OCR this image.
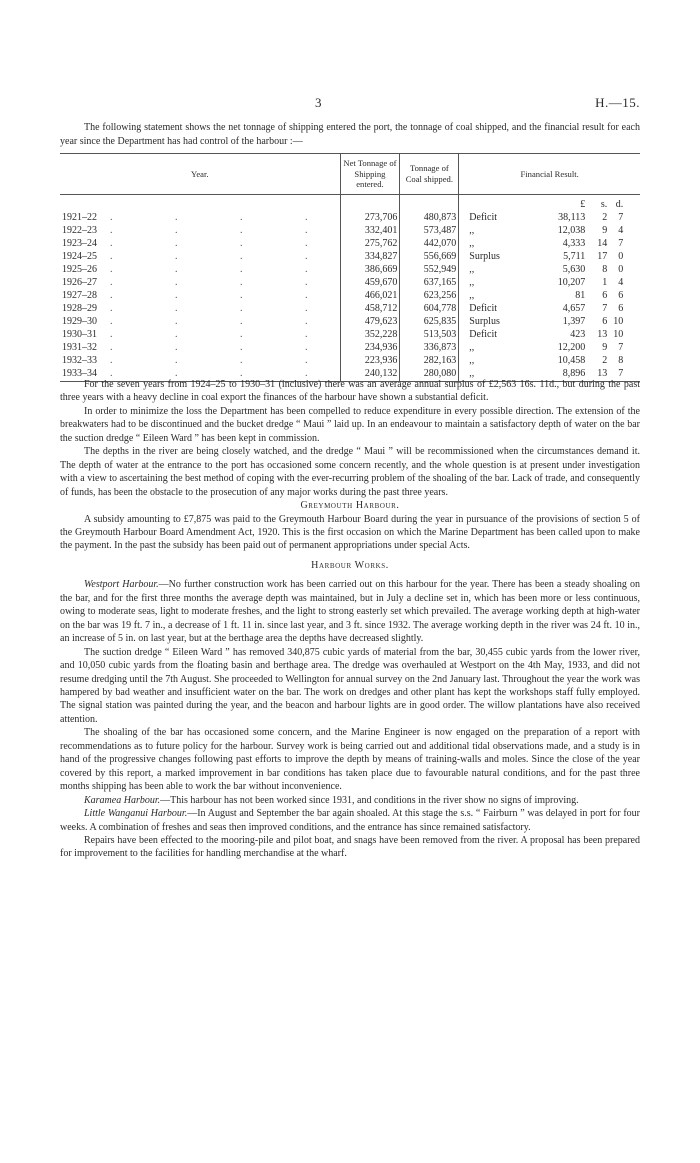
3	H.—15.

The following statement shows the net tonnage of shipping entered the port, the tonnage of coal shipped, and the financial result for each year since the Department has had control of the harbour :—

Year.	Net Tonnage of Shipping entered.	Tonnage of Coal shipped.	Financial Result.

			£ s. d.

1921–22 . . . .	273,706	480,873	Deficit 38,113 2 7

1922–23 . . . .	332,401	573,487	,, 12,038 9 4

1923–24 . . . .	275,762	442,070	,, 4,333 14 7

1924–25 . . . .	334,827	556,669	Surplus 5,711 17 0

1925–26 . . . .	386,669	552,949	,, 5,630 8 0

1926–27 . . . .	459,670	637,165	,, 10,207 1 4

1927–28 . . . .	466,021	623,256	,, 81 6 6

1928–29 . . . .	458,712	604,778	Deficit 4,657 7 6

1929–30 . . . .	479,623	625,835	Surplus 1,397 6 10

1930–31 . . . .	352,228	513,503	Deficit 423 13 10

1931–32 . . . .	234,936	336,873	,, 12,200 9 7

1932–33 . . . .	223,936	282,163	,, 10,458 2 8

1933–34 . . . .	240,132	280,080	,, 8,896 13 7

For the seven years from 1924–25 to 1930–31 (inclusive) there was an average annual surplus of £2,563 16s. 11d., but during the past three years with a heavy decline in coal export the finances of the harbour have shown a substantial deficit.

In order to minimize the loss the Department has been compelled to reduce expenditure in every possible direction. The extension of the breakwaters had to be discontinued and the bucket dredge “ Maui ” laid up. In an endeavour to maintain a satisfactory depth of water on the bar the suction dredge “ Eileen Ward ” has been kept in commission.

The depths in the river are being closely watched, and the dredge “ Maui ” will be recommissioned when the circumstances demand it. The depth of water at the entrance to the port has occasioned some concern recently, and the whole question is at present under investigation with a view to ascertaining the best method of coping with the ever-recurring problem of the shoaling of the bar. Lack of trade, and consequently of funds, has been the obstacle to the prosecution of any major works during the past three years.

Greymouth Harbour.

A subsidy amounting to £7,875 was paid to the Greymouth Harbour Board during the year in pursuance of the provisions of section 5 of the Greymouth Harbour Board Amendment Act, 1920. This is the first occasion on which the Marine Department has been called upon to make the payment. In the past the subsidy has been paid out of permanent appropriations under special Acts.

Harbour Works.

Westport Harbour.—No further construction work has been carried out on this harbour for the year. There has been a steady shoaling on the bar, and for the first three months the average depth was maintained, but in July a decline set in, which has been more or less continuous, owing to moderate seas, light to moderate freshes, and the light to strong easterly set which prevailed. The average working depth at high-water on the bar was 19 ft. 7 in., a decrease of 1 ft. 11 in. since last year, and 3 ft. since 1932. The average working depth in the river was 24 ft. 10 in., an increase of 5 in. on last year, but at the berthage area the depths have decreased slightly.

The suction dredge “ Eileen Ward ” has removed 340,875 cubic yards of material from the bar, 30,455 cubic yards from the lower river, and 10,050 cubic yards from the floating basin and berthage area. The dredge was overhauled at Westport on the 4th May, 1933, and did not resume dredging until the 7th August. She proceeded to Wellington for annual survey on the 2nd January last. Throughout the year the work was hampered by bad weather and insufficient water on the bar. The work on dredges and other plant has kept the workshops staff fully employed. The signal station was painted during the year, and the beacon and harbour lights are in good order. The willow plantations have also received attention.

The shoaling of the bar has occasioned some concern, and the Marine Engineer is now engaged on the preparation of a report with recommendations as to future policy for the harbour. Survey work is being carried out and additional tidal observations made, and a study is in hand of the progressive changes following past efforts to improve the depth by means of training-walls and moles. Since the close of the year covered by this report, a marked improvement in bar conditions has taken place due to favourable natural conditions, and for the past three months shipping has been able to work the bar without inconvenience.

Karamea Harbour.—This harbour has not been worked since 1931, and conditions in the river show no signs of improving.

Little Wanganui Harbour.—In August and September the bar again shoaled. At this stage the s.s. “ Fairburn ” was delayed in port for four weeks. A combination of freshes and seas then improved conditions, and the entrance has since remained satisfactory.

Repairs have been effected to the mooring-pile and pilot boat, and snags have been removed from the river. A proposal has been prepared for improvement to the facilities for handling merchandise at the wharf.
